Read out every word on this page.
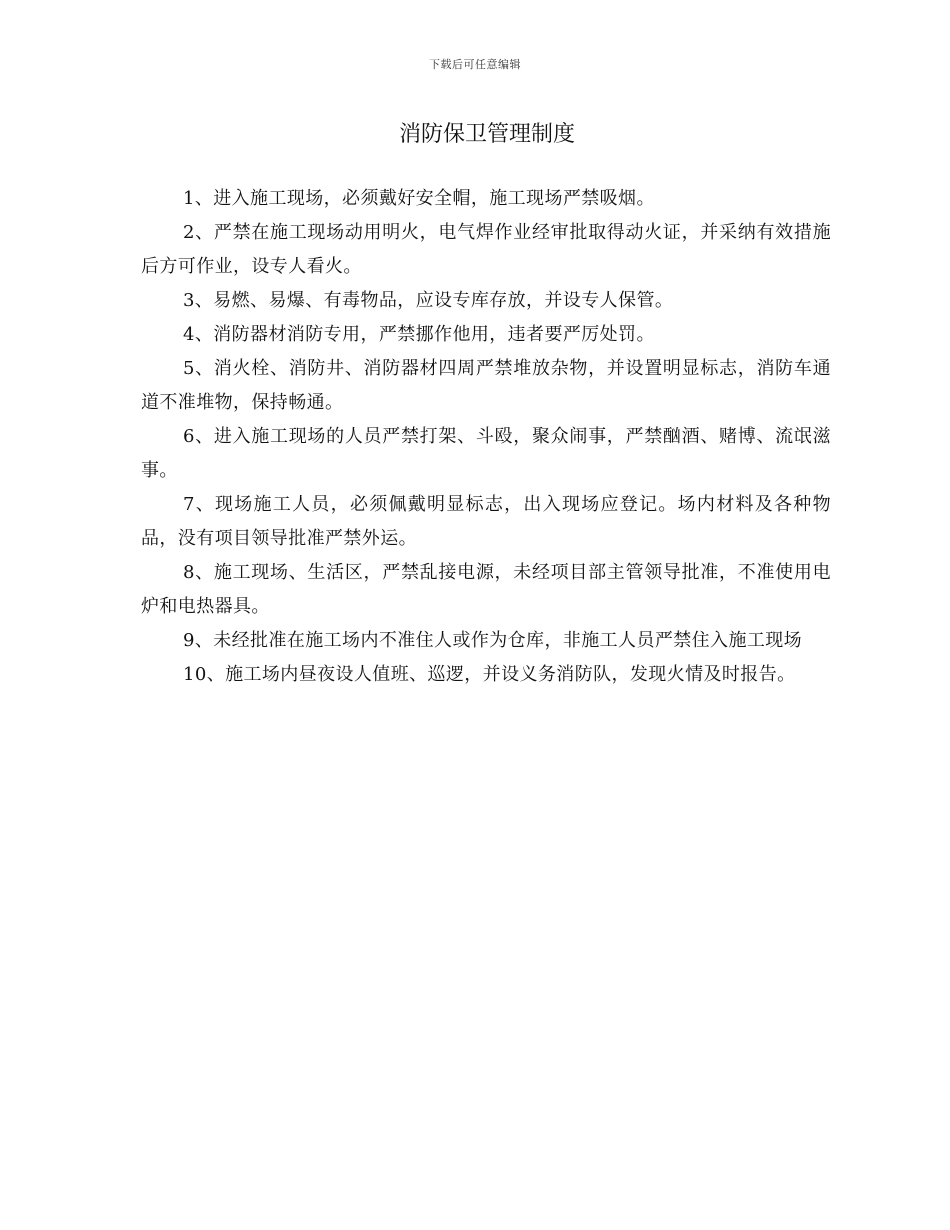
下载后可任意编辑
消防保卫管理制度
1、进入施工现场，必须戴好安全帽，施工现场严禁吸烟。
2、严禁在施工现场动用明火，电气焊作业经审批取得动火证，并采纳有效措施后方可作业，设专人看火。
3、易燃、易爆、有毒物品，应设专库存放，并设专人保管。
4、消防器材消防专用，严禁挪作他用，违者要严厉处罚。
5、消火栓、消防井、消防器材四周严禁堆放杂物，并设置明显标志，消防车通道不准堆物，保持畅通。
6、进入施工现场的人员严禁打架、斗殴，聚众闹事，严禁酗酒、赌博、流氓滋事。
7、现场施工人员，必须佩戴明显标志，出入现场应登记。场内材料及各种物品，没有项目领导批准严禁外运。
8、施工现场、生活区，严禁乱接电源，未经项目部主管领导批准，不准使用电炉和电热器具。
9、未经批准在施工场内不准住人或作为仓库，非施工人员严禁住入施工现场
10、施工场内昼夜设人值班、巡逻，并设义务消防队，发现火情及时报告。
